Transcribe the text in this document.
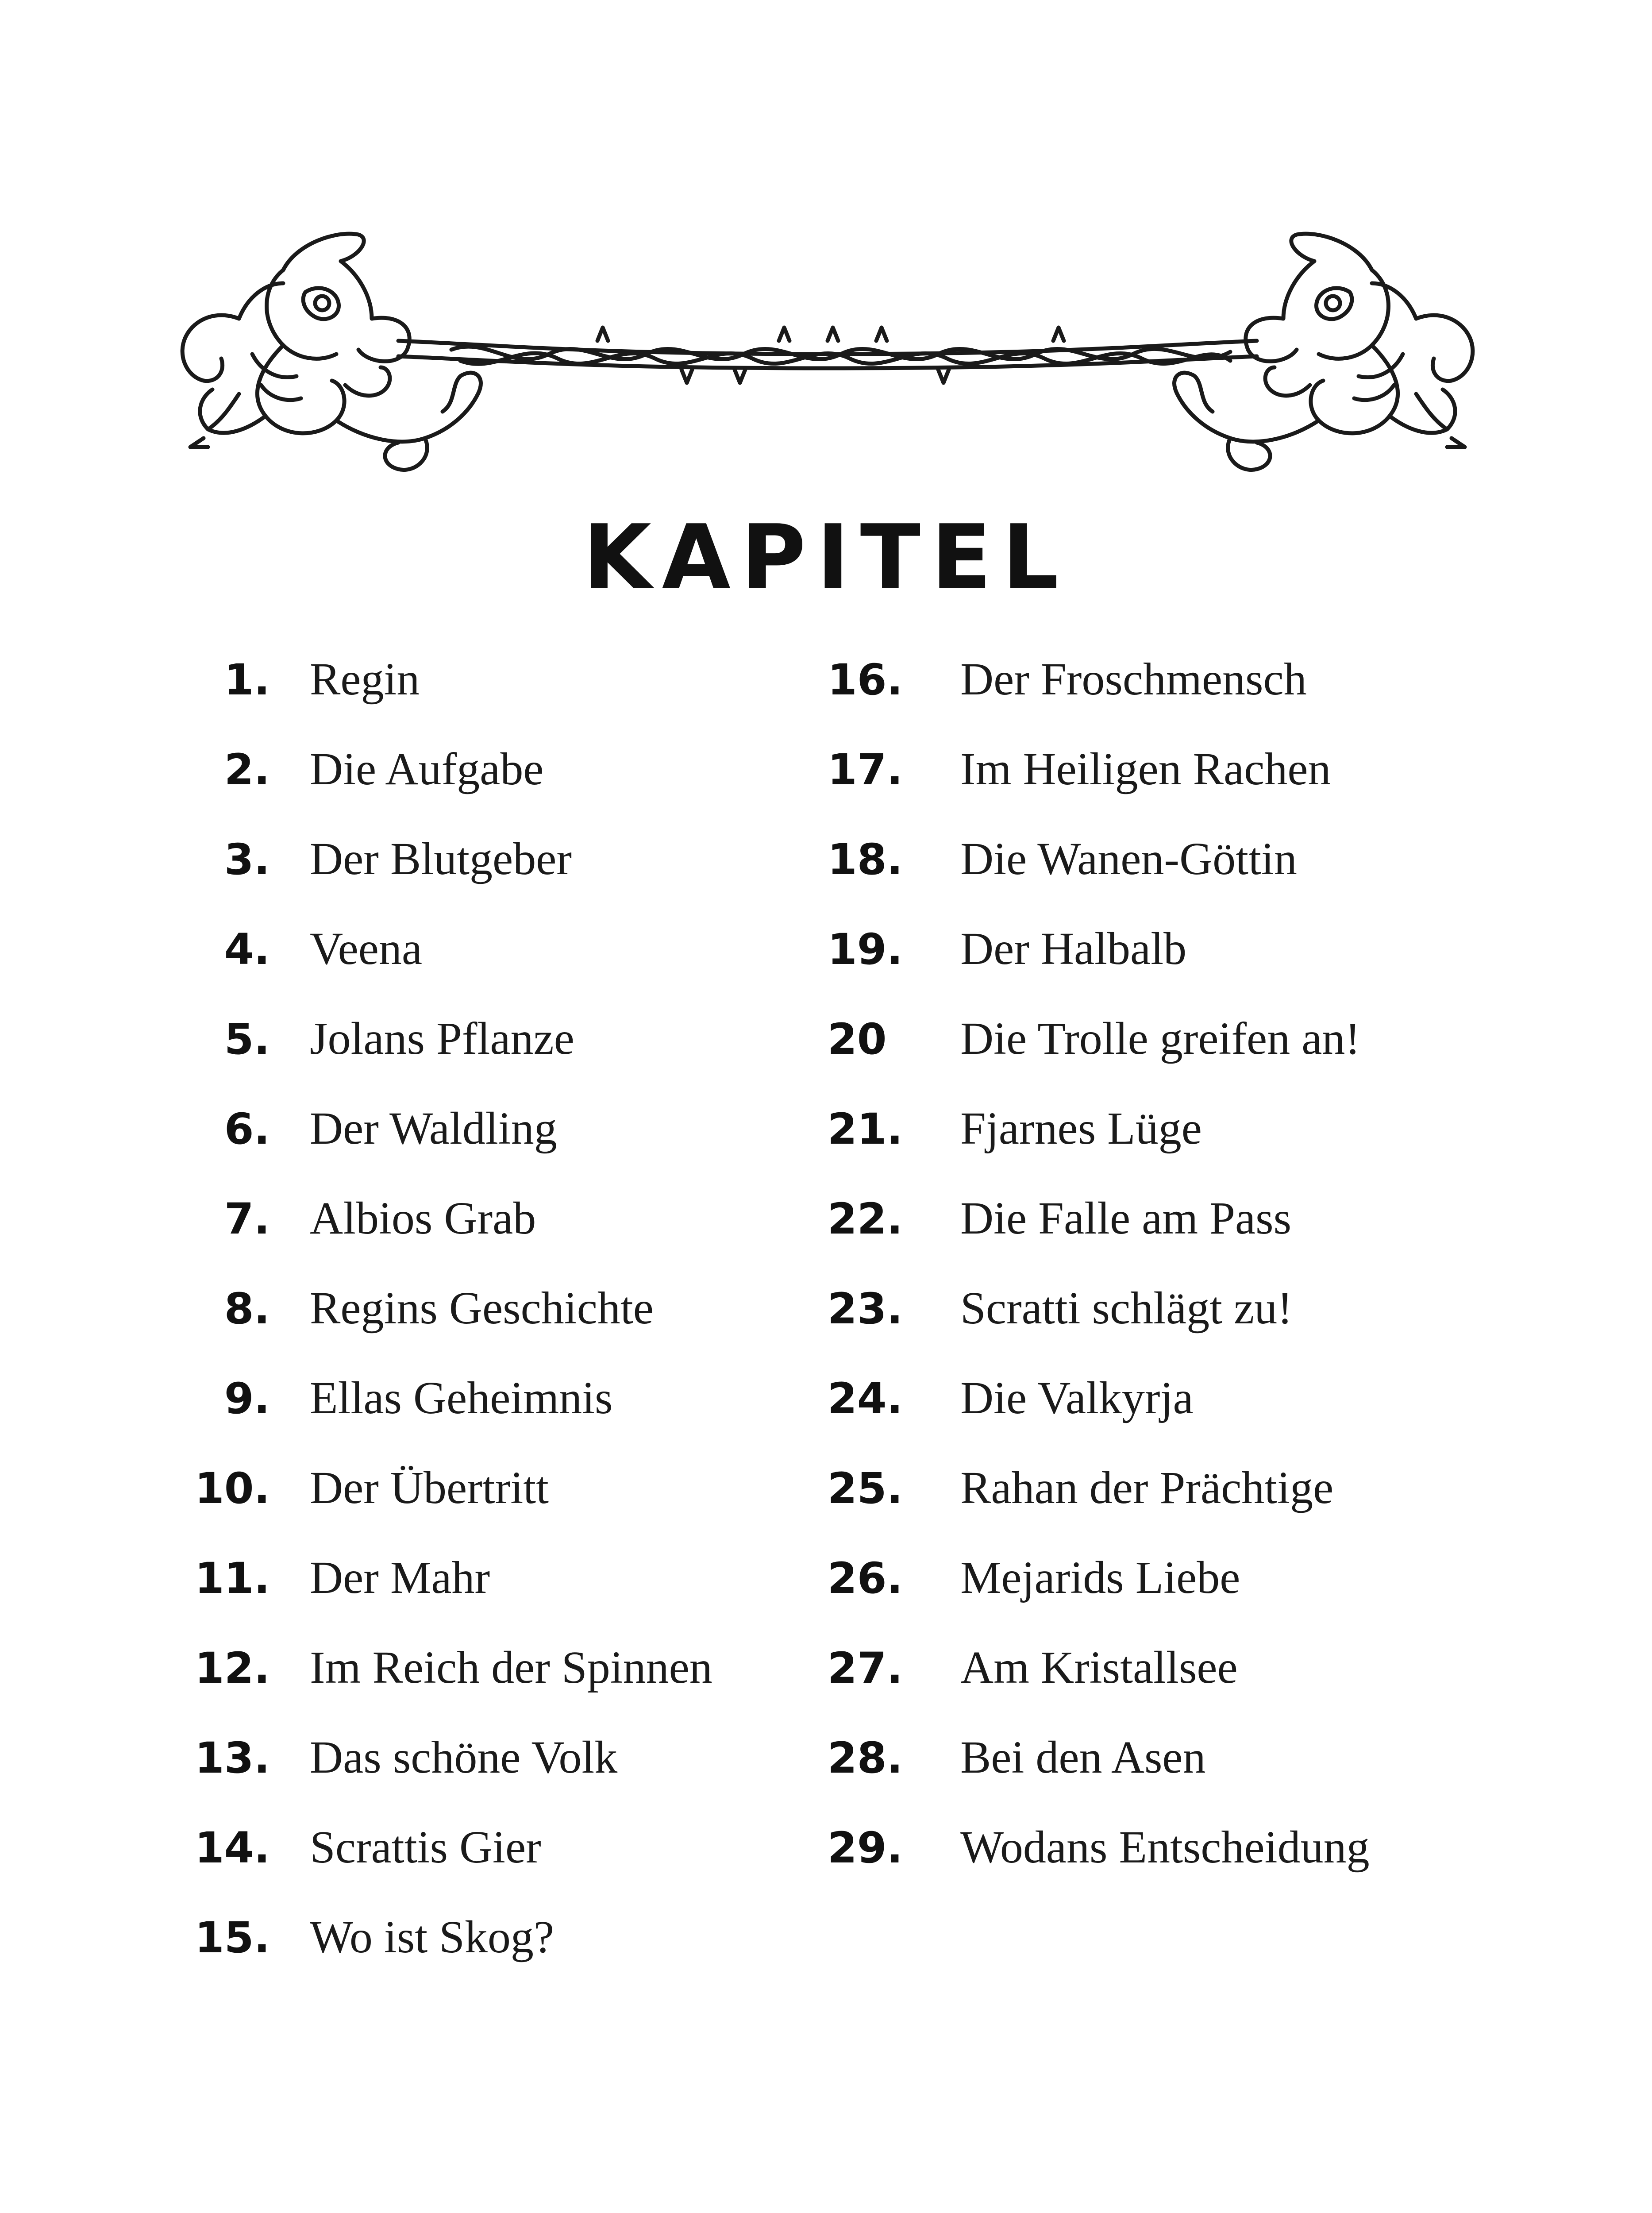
KAPITEL
1. Regin
2. Die Aufgabe
3. Der Blutgeber
4. Veena
5. Jolans Pflanze
6. Der Waldling
7. Albios Grab
8. Regins Geschichte
9. Ellas Geheimnis
10. Der Übertritt
11. Der Mahr
12. Im Reich der Spinnen
13. Das schöne Volk
14. Scrattis Gier
15. Wo ist Skog?
16.	Der Froschmensch
17.	Im Heiligen Rachen
18.	Die Wanen-Göttin
19.	Der Halbalb
20	Die Trolle greifen an!
21.	Fjarnes Lüge
22.	Die Falle am Pass
23.	Scratti schlägt zu!
24.	Die Valkyrja
25.	Rahan der Prächtige
26.	Mejarids Liebe
27.	Am Kristallsee
28.	Bei den Asen
29.	Wodans Entscheidung
